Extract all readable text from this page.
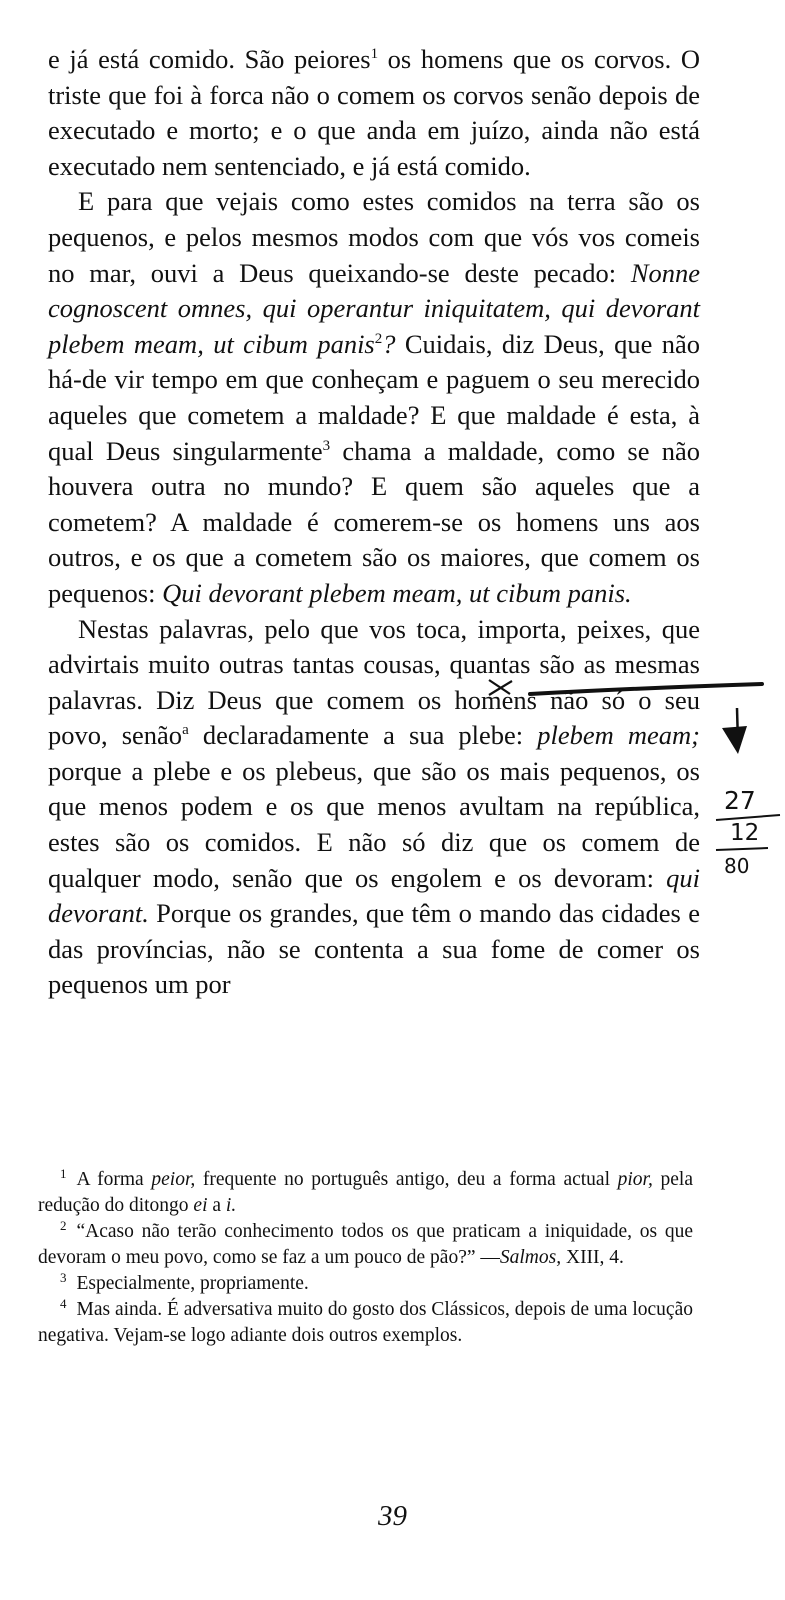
e já está comido. São peiores$^1$ os homens que os corvos. O triste que foi à forca não o comem os corvos senão depois de executado e morto; e o que anda em juízo, ainda não está executado nem sentenciado, e já está comido.

E para que vejais como estes comidos na terra são os pequenos, e pelos mesmos modos com que vós vos comeis no mar, ouvi a Deus queixando-se deste pecado: Nonne cognoscent omnes, qui operantur iniquitatem, qui devorant plebem meam, ut cibum panis$^2$? Cuidais, diz Deus, que não há-de vir tempo em que conheçam e paguem o seu merecido aqueles que cometem a maldade? E que maldade é esta, à qual Deus singularmente$^3$ chama a maldade, como se não houvera outra no mundo? E quem são aqueles que a cometem? A maldade é comerem-se os homens uns aos outros, e os que a cometem são os maiores, que comem os pequenos: Qui devorant plebem meam, ut cibum panis.

Nestas palavras, pelo que vos toca, importa, peixes, que advirtais muito outras tantas cousas, quantas são as mesmas palavras. Diz Deus que comem os homens não só o seu povo, senão$^a$ declaradamente a sua plebe: plebem meam; porque a plebe e os plebeus, que são os mais pequenos, os que menos podem e os que menos avultam na república, estes são os comidos. E não só diz que os comem de qualquer modo, senão que os engolem e os devoram: qui devorant. Porque os grandes, que têm o mando das cidades e das províncias, não se contenta a sua fome de comer os pequenos um por

$^1$ A forma peior, frequente no português antigo, deu a forma actual pior, pela redução do ditongo ei a i.

$^2$ “Acaso não terão conhecimento todos os que praticam a iniquidade, os que devoram o meu povo, como se faz a um pouco de pão?” —Salmos, XIII, 4.

$^3$ Especialmente, propriamente.

$^4$ Mas ainda. É adversativa muito do gosto dos Clássicos, depois de uma locução negativa. Vejam-se logo adiante dois outros exemplos.

39
27
12
80
